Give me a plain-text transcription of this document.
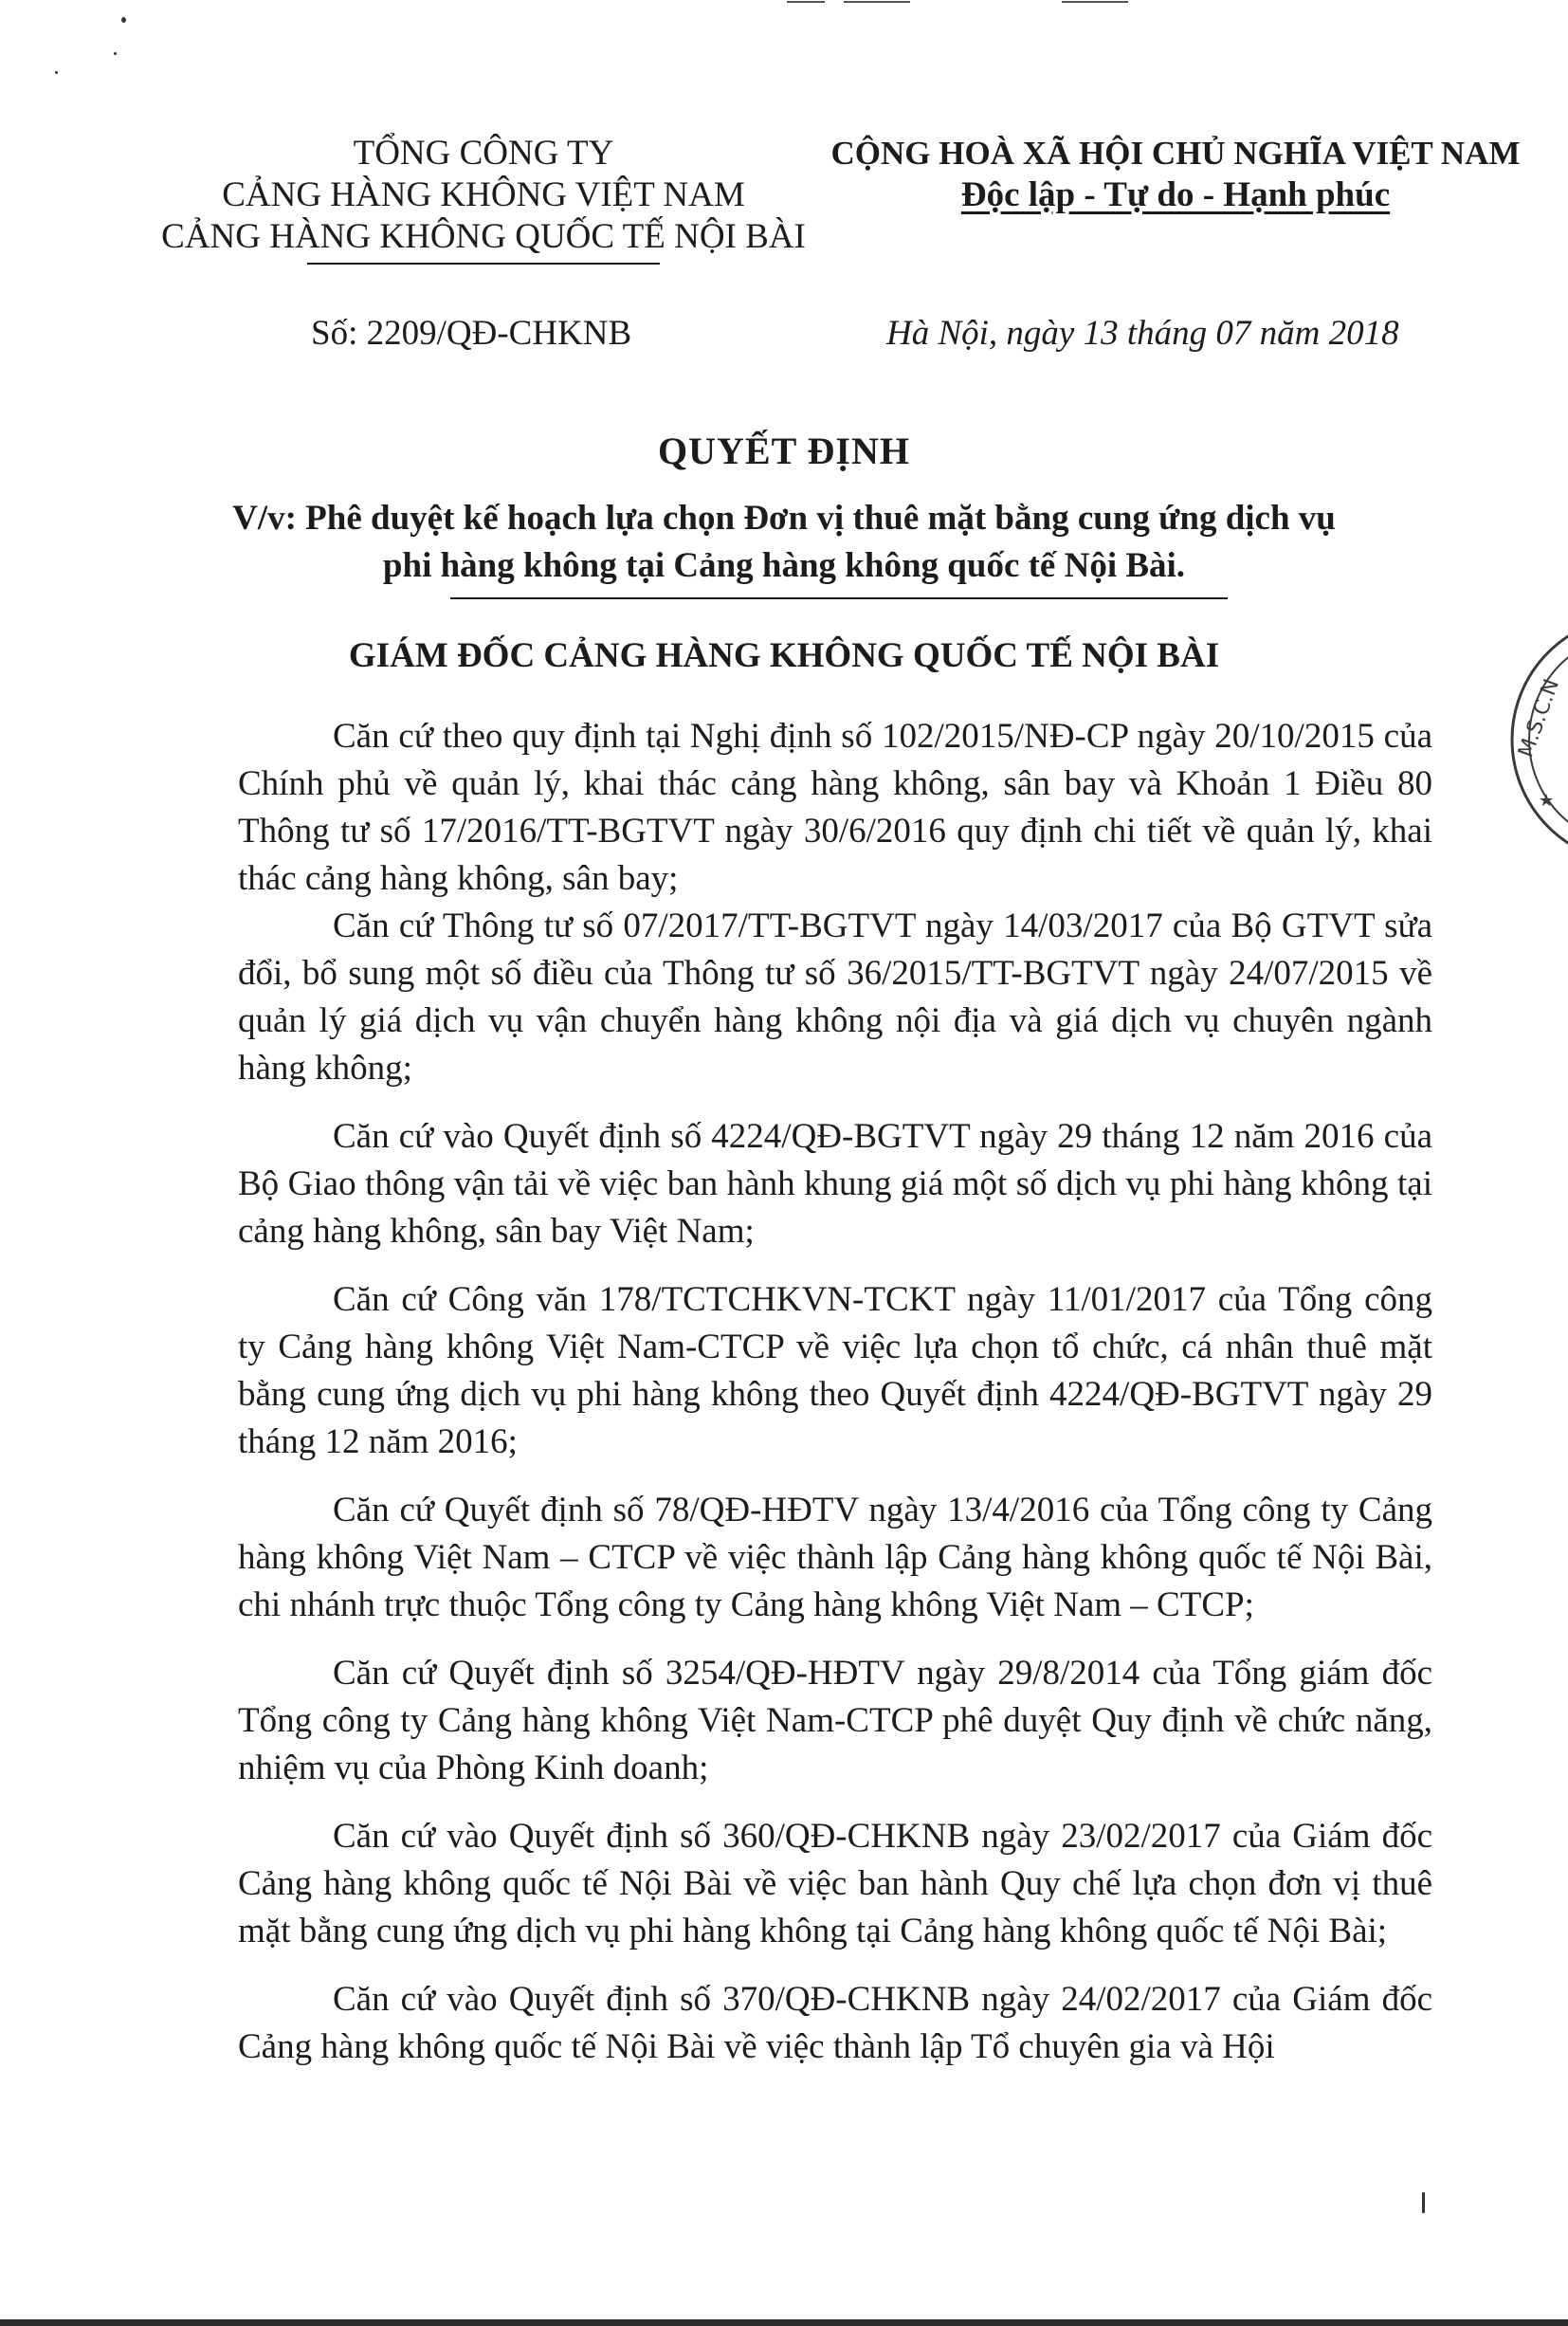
TỔNG CÔNG TY
CẢNG HÀNG KHÔNG VIỆT NAM
CẢNG HÀNG KHÔNG QUỐC TẾ NỘI BÀI
CỘNG HOÀ XÃ HỘI CHỦ NGHĨA VIỆT NAM
Độc lập - Tự do - Hạnh phúc
Số: 2209/QĐ-CHKNB	Hà Nội, ngày 13 tháng 07 năm 2018
QUYẾT ĐỊNH
V/v: Phê duyệt kế hoạch lựa chọn Đơn vị thuê mặt bằng cung ứng dịch vụ
phi hàng không tại Cảng hàng không quốc tế Nội Bài.
GIÁM ĐỐC CẢNG HÀNG KHÔNG QUỐC TẾ NỘI BÀI

Căn cứ theo quy định tại Nghị định số 102/2015/NĐ-CP ngày 20/10/2015 của Chính phủ về quản lý, khai thác cảng hàng không, sân bay và Khoản 1 Điều 80 Thông tư số 17/2016/TT-BGTVT ngày 30/6/2016 quy định chi tiết về quản lý, khai thác cảng hàng không, sân bay;

Căn cứ Thông tư số 07/2017/TT-BGTVT ngày 14/03/2017 của Bộ GTVT sửa đổi, bổ sung một số điều của Thông tư số 36/2015/TT-BGTVT ngày 24/07/2015 về quản lý giá dịch vụ vận chuyển hàng không nội địa và giá dịch vụ chuyên ngành hàng không;

Căn cứ vào Quyết định số 4224/QĐ-BGTVT ngày 29 tháng 12 năm 2016 của Bộ Giao thông vận tải về việc ban hành khung giá một số dịch vụ phi hàng không tại cảng hàng không, sân bay Việt Nam;

Căn cứ Công văn 178/TCTCHKVN-TCKT ngày 11/01/2017 của Tổng công ty Cảng hàng không Việt Nam-CTCP về việc lựa chọn tổ chức, cá nhân thuê mặt bằng cung ứng dịch vụ phi hàng không theo Quyết định 4224/QĐ-BGTVT ngày 29 tháng 12 năm 2016;

Căn cứ Quyết định số 78/QĐ-HĐTV ngày 13/4/2016 của Tổng công ty Cảng hàng không Việt Nam – CTCP về việc thành lập Cảng hàng không quốc tế Nội Bài, chi nhánh trực thuộc Tổng công ty Cảng hàng không Việt Nam – CTCP;

Căn cứ Quyết định số 3254/QĐ-HĐTV ngày 29/8/2014 của Tổng giám đốc Tổng công ty Cảng hàng không Việt Nam-CTCP phê duyệt Quy định về chức năng, nhiệm vụ của Phòng Kinh doanh;

Căn cứ vào Quyết định số 360/QĐ-CHKNB ngày 23/02/2017 của Giám đốc Cảng hàng không quốc tế Nội Bài về việc ban hành Quy chế lựa chọn đơn vị thuê mặt bằng cung ứng dịch vụ phi hàng không tại Cảng hàng không quốc tế Nội Bài;

Căn cứ vào Quyết định số 370/QĐ-CHKNB ngày 24/02/2017 của Giám đốc Cảng hàng không quốc tế Nội Bài về việc thành lập Tổ chuyên gia và Hội

M.S.C.N
★
